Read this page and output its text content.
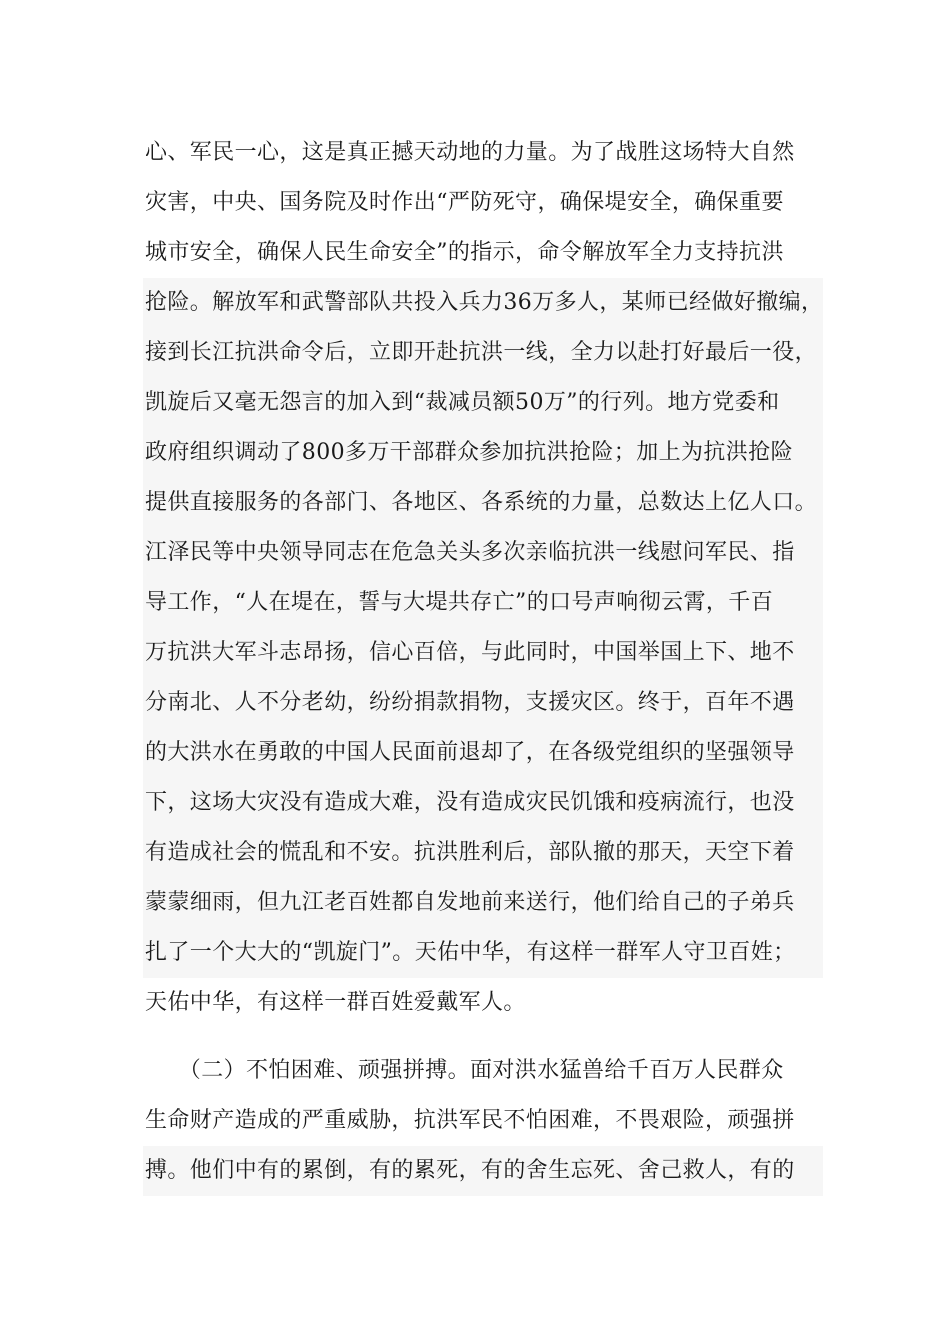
心、军民一心，这是真正撼天动地的力量。为了战胜这场特大自然
灾害，中央、国务院及时作出“严防死守，确保堤安全，确保重要
城市安全，确保人民生命安全”的指示，命令解放军全力支持抗洪
抢险。解放军和武警部队共投入兵力36万多人，某师已经做好撤编，
接到长江抗洪命令后，立即开赴抗洪一线，全力以赴打好最后一役，
凯旋后又毫无怨言的加入到“裁减员额50万”的行列。地方党委和
政府组织调动了800多万干部群众参加抗洪抢险；加上为抗洪抢险
提供直接服务的各部门、各地区、各系统的力量，总数达上亿人口。
江泽民等中央领导同志在危急关头多次亲临抗洪一线慰问军民、指
导工作，“人在堤在，誓与大堤共存亡”的口号声响彻云霄，千百
万抗洪大军斗志昂扬，信心百倍，与此同时，中国举国上下、地不
分南北、人不分老幼，纷纷捐款捐物，支援灾区。终于，百年不遇
的大洪水在勇敢的中国人民面前退却了，在各级党组织的坚强领导
下，这场大灾没有造成大难，没有造成灾民饥饿和疫病流行，也没
有造成社会的慌乱和不安。抗洪胜利后，部队撤的那天，天空下着
蒙蒙细雨，但九江老百姓都自发地前来送行，他们给自己的子弟兵
扎了一个大大的“凯旋门”。天佑中华，有这样一群军人守卫百姓；
天佑中华，有这样一群百姓爱戴军人。
　　（二）不怕困难、顽强拼搏。面对洪水猛兽给千百万人民群众
生命财产造成的严重威胁，抗洪军民不怕困难，不畏艰险，顽强拼
搏。他们中有的累倒，有的累死，有的舍生忘死、舍己救人，有的
